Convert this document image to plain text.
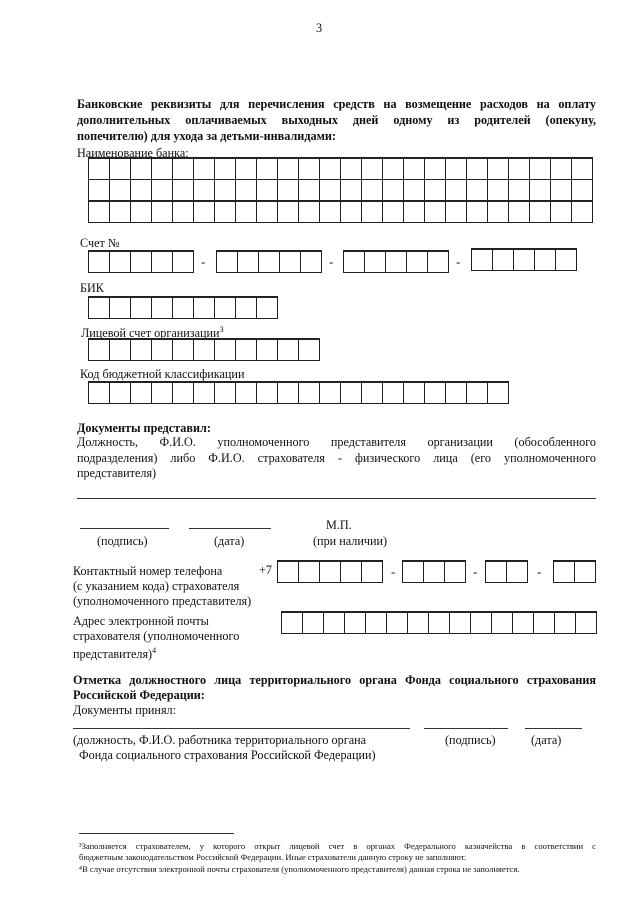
3
Банковские реквизиты для перечисления средств на возмещение расходов на оплату
дополнительных оплачиваемых выходных дней одному из родителей (опекуну,
попечителю) для ухода за детьми-инвалидами:
Наименование банка:
Счет №
-	-	-
БИК
Лицевой счет организации$^3$
Код бюджетной классификации
Документы представил:
Должность, Ф.И.О. уполномоченного представителя организации (обособленного
подразделения) либо Ф.И.О. страхователя - физического лица (его уполномоченного
представителя)
М.П.
(подпись)	(дата)	(при наличии)
Контактный номер телефона
(с указанием кода) страхователя
(уполномоченного представителя)
+7	-	-	-
Адрес электронной почты
страхователя (уполномоченного
представителя)$^4$
Отметка должностного лица территориального органа Фонда социального страхования
Российской Федерации:
Документы принял:
(должность, Ф.И.О. работника территориального органа
Фонда социального страхования Российской Федерации)
(подпись)	(дата)
³Заполняется страхователем, у которого открыт лицевой счет в органах Федерального казначейства в соответствии с
бюджетным законодательством Российской Федерации. Иные страхователи данную строку не заполняют.
⁴В случае отсутствия электронной почты страхователя (уполномоченного представителя) данная строка не заполняется.
